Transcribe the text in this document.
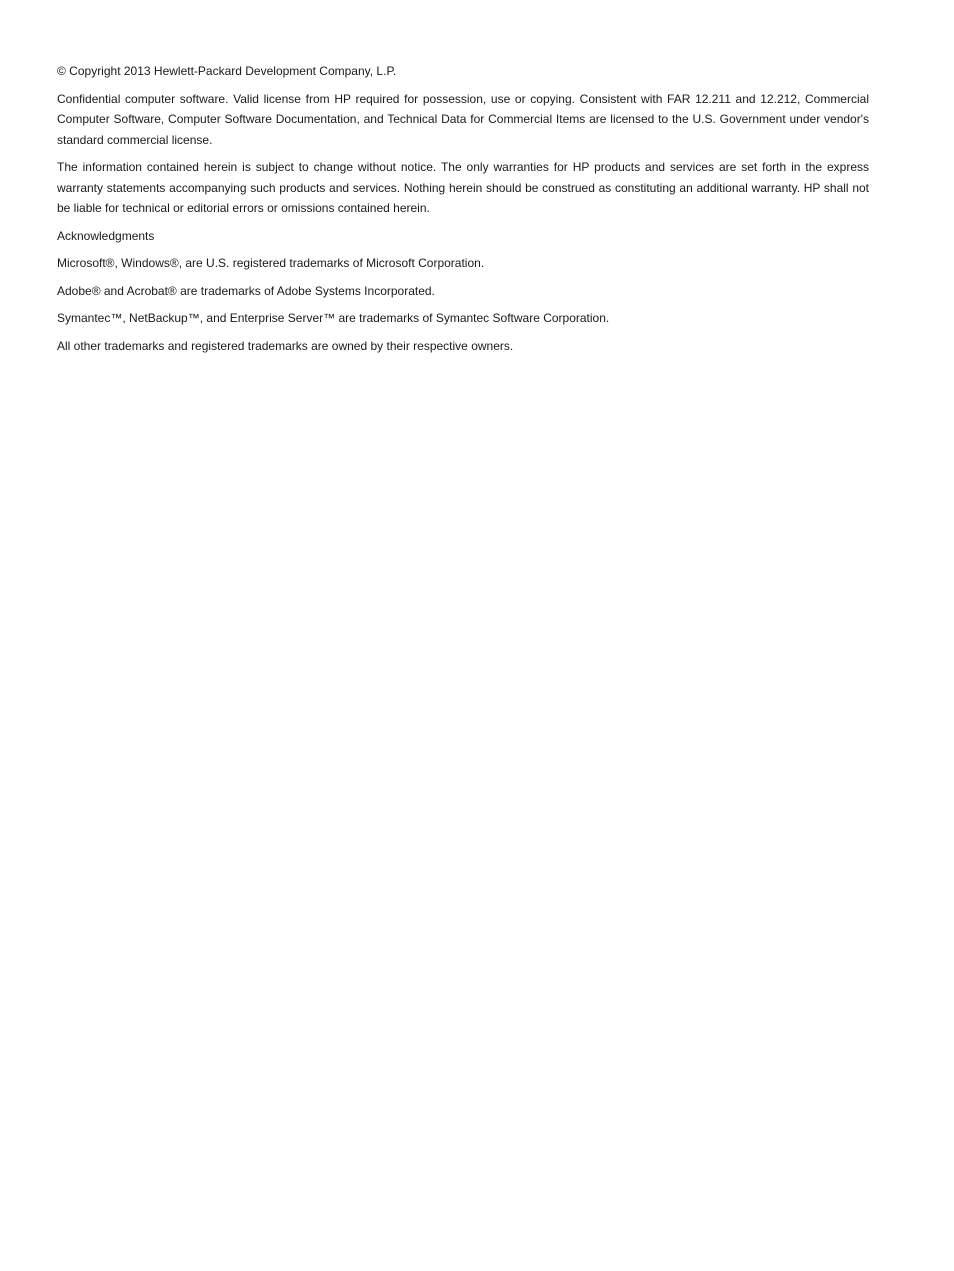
© Copyright 2013 Hewlett-Packard Development Company, L.P.

Confidential computer software. Valid license from HP required for possession, use or copying. Consistent with FAR 12.211 and 12.212, Commercial Computer Software, Computer Software Documentation, and Technical Data for Commercial Items are licensed to the U.S. Government under vendor's standard commercial license.

The information contained herein is subject to change without notice. The only warranties for HP products and services are set forth in the express warranty statements accompanying such products and services. Nothing herein should be construed as constituting an additional warranty. HP shall not be liable for technical or editorial errors or omissions contained herein.

Acknowledgments

Microsoft®, Windows®, are U.S. registered trademarks of Microsoft Corporation.

Adobe® and Acrobat® are trademarks of Adobe Systems Incorporated.

Symantec™, NetBackup™, and Enterprise Server™ are trademarks of Symantec Software Corporation.

All other trademarks and registered trademarks are owned by their respective owners.
